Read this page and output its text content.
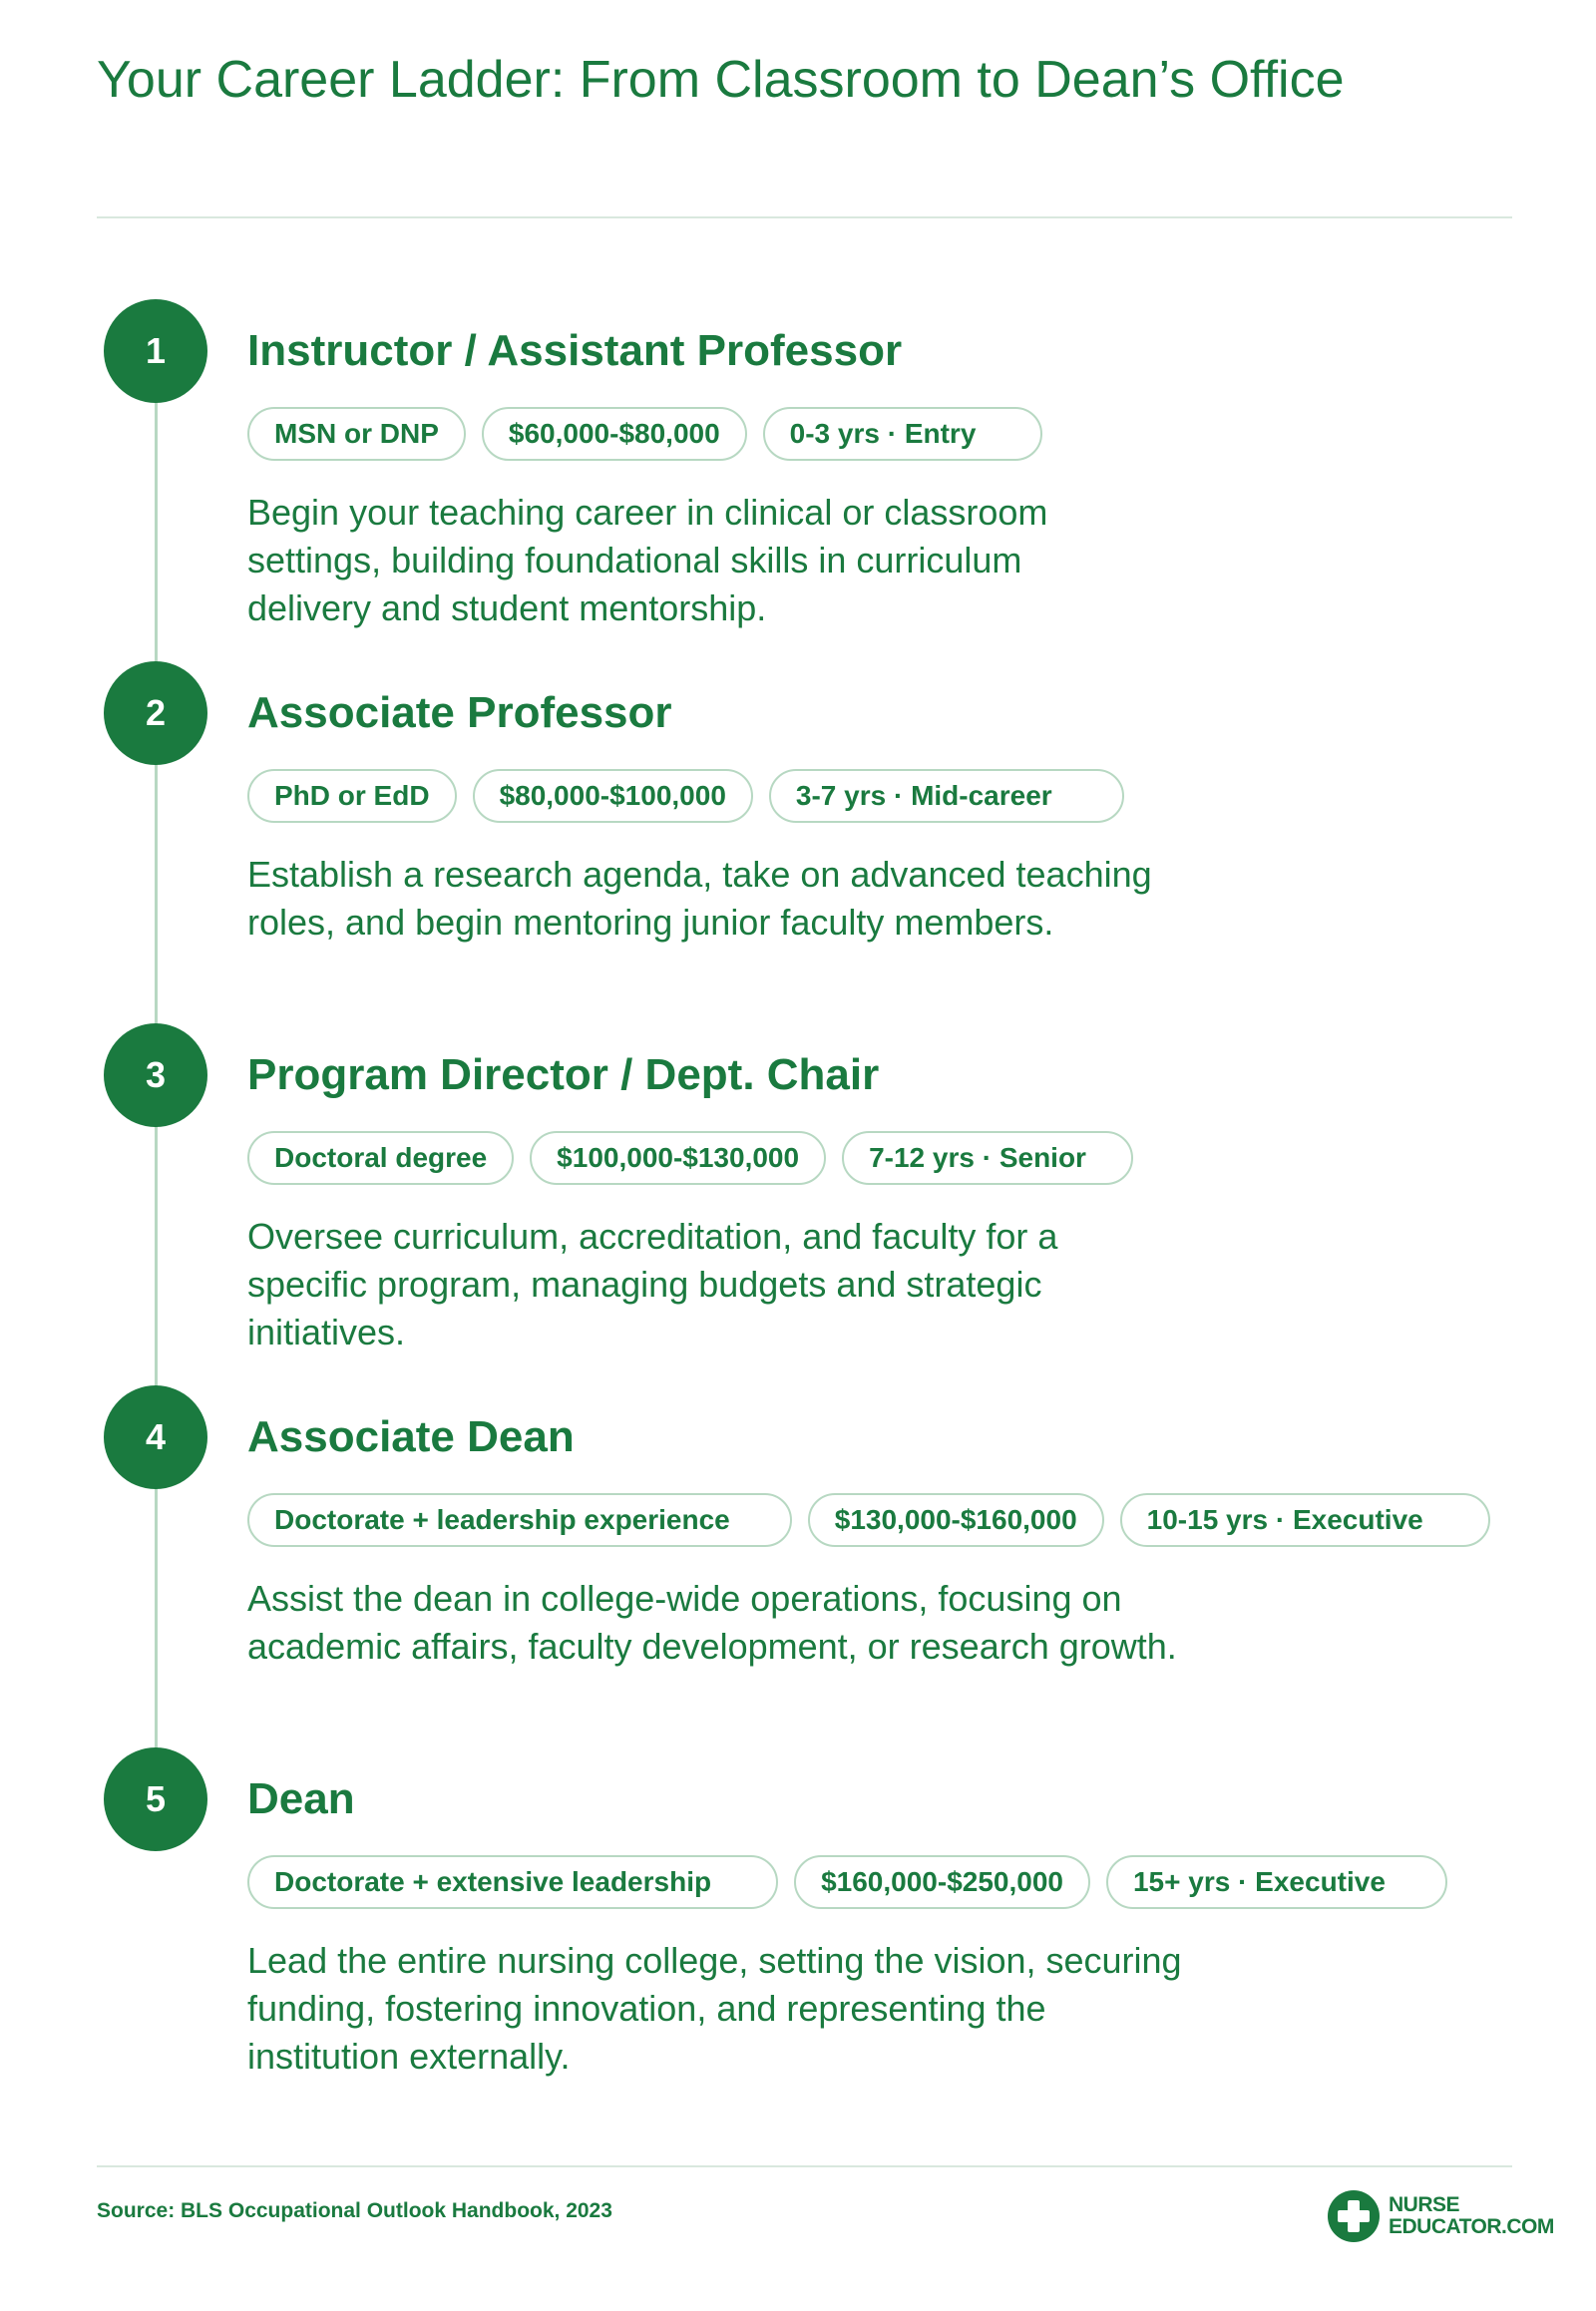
Your Career Ladder: From Classroom to Dean’s Office
1	Instructor / Assistant Professor
MSN or DNP	$60,000-$80,000	0-3 yrs · Entry

Begin your teaching career in clinical or classroom settings, building foundational skills in curriculum delivery and student mentorship.

2	Associate Professor
PhD or EdD	$80,000-$100,000	3-7 yrs · Mid-career

Establish a research agenda, take on advanced teaching roles, and begin mentoring junior faculty members.

3	Program Director / Dept. Chair
Doctoral degree	$100,000-$130,000	7-12 yrs · Senior

Oversee curriculum, accreditation, and faculty for a specific program, managing budgets and strategic initiatives.

4	Associate Dean
Doctorate + leadership experience	$130,000-$160,000	10-15 yrs · Executive

Assist the dean in college-wide operations, focusing on academic affairs, faculty development, or research growth.

5	Dean
Doctorate + extensive leadership	$160,000-$250,000	15+ yrs · Executive

Lead the entire nursing college, setting the vision, securing funding, fostering innovation, and representing the institution externally.

Source: BLS Occupational Outlook Handbook, 2023	NURSE
EDUCATOR.COM
